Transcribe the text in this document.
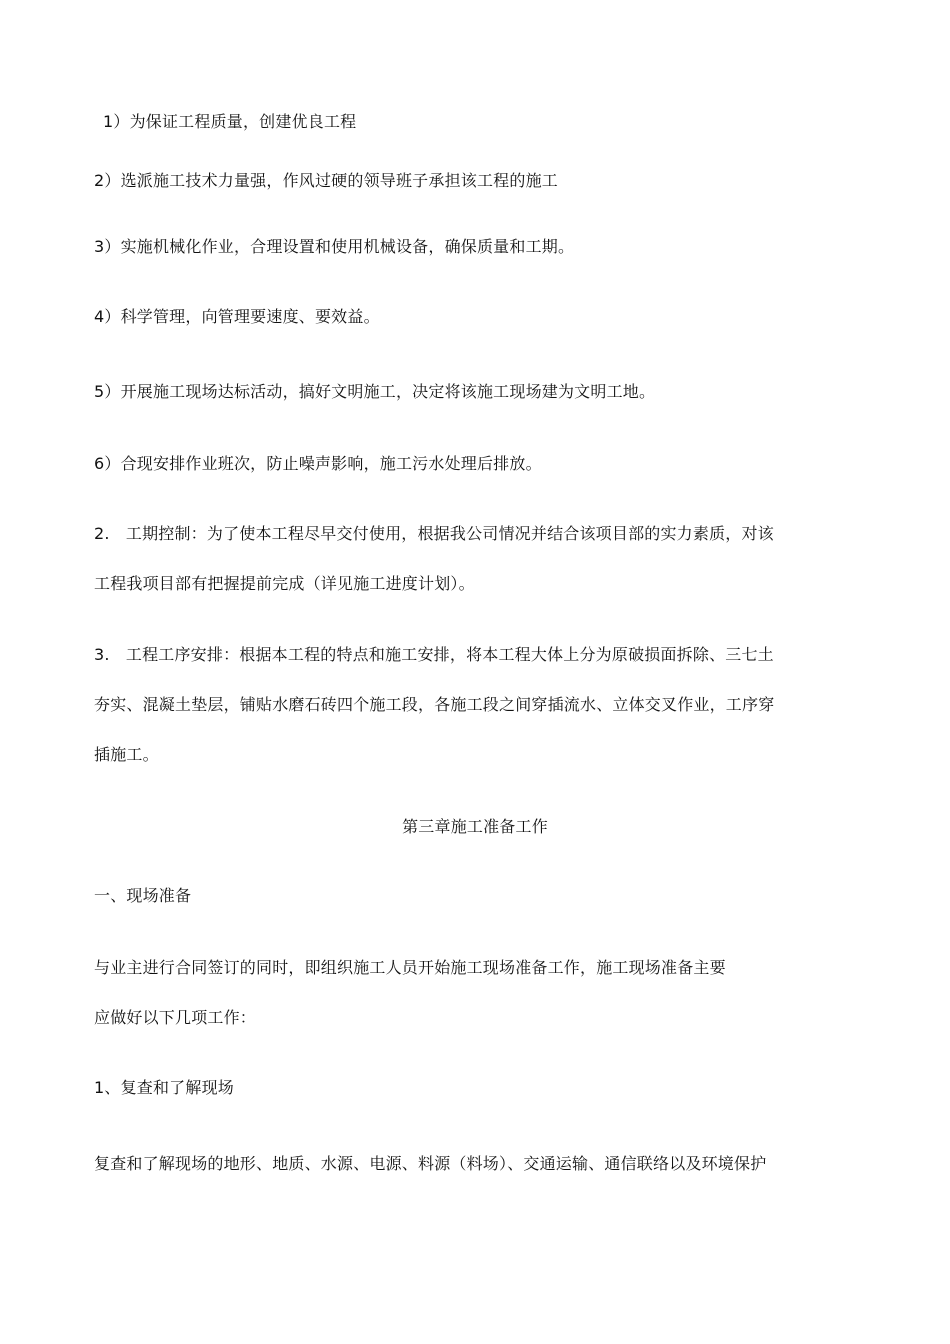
1）为保证工程质量，创建优良工程
2）选派施工技术力量强，作风过硬的领导班子承担该工程的施工
3）实施机械化作业，合理设置和使用机械设备，确保质量和工期。
4）科学管理，向管理要速度、要效益。
5）开展施工现场达标活动，搞好文明施工，决定将该施工现场建为文明工地。
6）合现安排作业班次，防止噪声影响，施工污水处理后排放。
2.　工期控制：为了使本工程尽早交付使用，根据我公司情况并结合该项目部的实力素质，对该
工程我项目部有把握提前完成（详见施工进度计划）。
3.　工程工序安排：根据本工程的特点和施工安排，将本工程大体上分为原破损面拆除、三七土
夯实、混凝土垫层，铺贴水磨石砖四个施工段，各施工段之间穿插流水、立体交叉作业，工序穿
插施工。
第三章施工准备工作
一、现场准备
与业主进行合同签订的同时，即组织施工人员开始施工现场准备工作，施工现场准备主要
应做好以下几项工作：
1、复查和了解现场
复查和了解现场的地形、地质、水源、电源、料源（料场）、交通运输、通信联络以及环境保护
